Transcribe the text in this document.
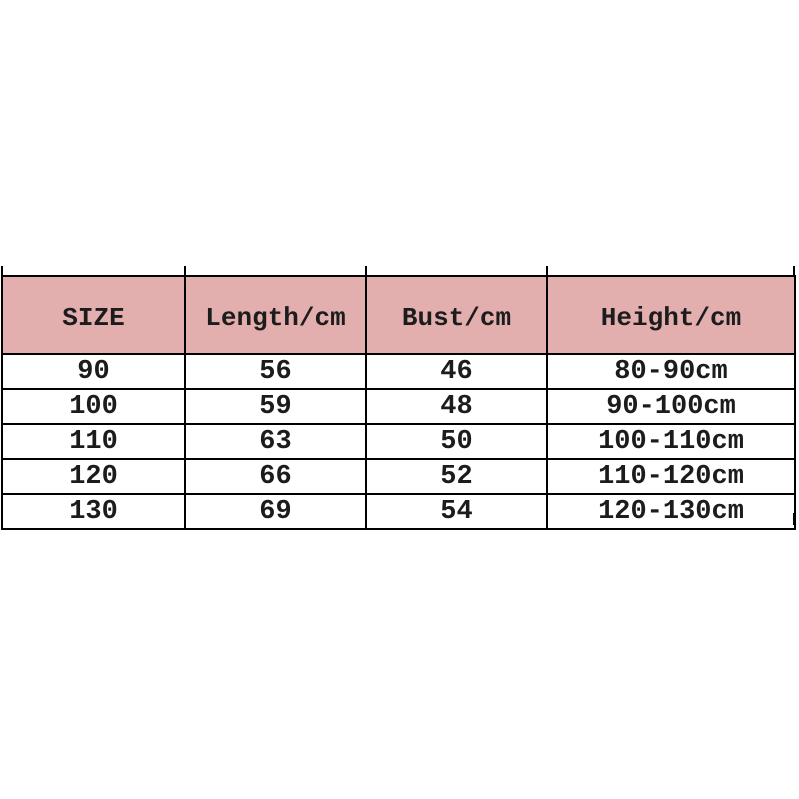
SIZE	Length/cm	Bust/cm	Height/cm
90	56	46	80-90cm
100	59	48	90-100cm
110	63	50	100-110cm
120	66	52	110-120cm
130	69	54	120-130cm
